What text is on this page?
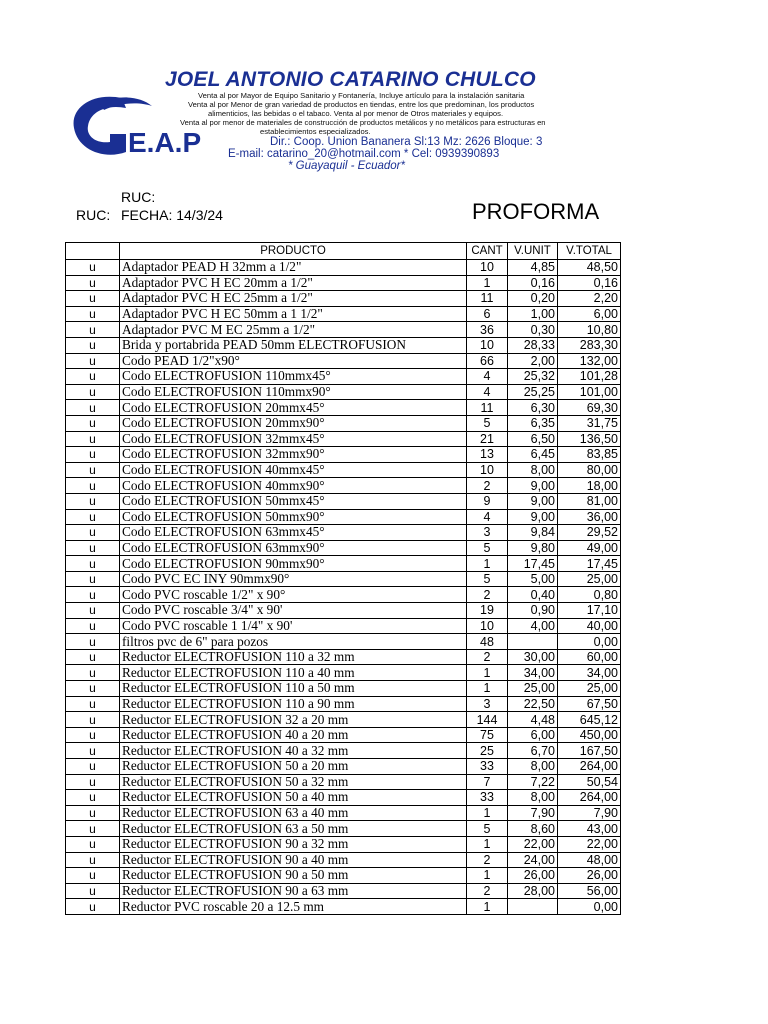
E.A.P
JOEL ANTONIO CATARINO CHULCO
Venta al por Mayor de Equipo Sanitario y Fontanería, Incluye artículo para la instalación sanitaria
Venta al por Menor de gran variedad de productos en tiendas, entre los que predominan, los productos
alimenticios, las bebidas o el tabaco. Venta al por menor de Otros materiales y equipos.
Venta al por menor de materiales de construcción de productos metálicos y no metálicos para estructuras en
establecimientos especializados.
Dir.: Coop. Union Bananera Sl:13 Mz: 2626 Bloque: 3
E-mail: catarino_20@hotmail.com * Cel: 0939390893
* Guayaquil - Ecuador*
RUC:
RUC: FECHA: 14/3/24	PROFORMA
	PRODUCTO	CANT	V.UNIT	V.TOTAL
u	Adaptador PEAD H 32mm a 1/2"	10	4,85	48,50
u	Adaptador PVC H EC 20mm a 1/2"	1	0,16	0,16
u	Adaptador PVC H EC 25mm a 1/2"	11	0,20	2,20
u	Adaptador PVC H EC 50mm a 1 1/2"	6	1,00	6,00
u	Adaptador PVC M EC 25mm a 1/2"	36	0,30	10,80
u	Brida y portabrida PEAD 50mm ELECTROFUSION	10	28,33	283,30
u	Codo PEAD 1/2"x90°	66	2,00	132,00
u	Codo ELECTROFUSION 110mmx45°	4	25,32	101,28
u	Codo ELECTROFUSION 110mmx90°	4	25,25	101,00
u	Codo ELECTROFUSION 20mmx45°	11	6,30	69,30
u	Codo ELECTROFUSION 20mmx90°	5	6,35	31,75
u	Codo ELECTROFUSION 32mmx45°	21	6,50	136,50
u	Codo ELECTROFUSION 32mmx90°	13	6,45	83,85
u	Codo ELECTROFUSION 40mmx45°	10	8,00	80,00
u	Codo ELECTROFUSION 40mmx90°	2	9,00	18,00
u	Codo ELECTROFUSION 50mmx45°	9	9,00	81,00
u	Codo ELECTROFUSION 50mmx90°	4	9,00	36,00
u	Codo ELECTROFUSION 63mmx45°	3	9,84	29,52
u	Codo ELECTROFUSION 63mmx90°	5	9,80	49,00
u	Codo ELECTROFUSION 90mmx90°	1	17,45	17,45
u	Codo PVC EC INY 90mmx90°	5	5,00	25,00
u	Codo PVC roscable 1/2" x 90°	2	0,40	0,80
u	Codo PVC roscable 3/4" x 90'	19	0,90	17,10
u	Codo PVC roscable 1 1/4" x 90'	10	4,00	40,00
u	filtros pvc de 6" para pozos	48		0,00
u	Reductor ELECTROFUSION 110 a 32 mm	2	30,00	60,00
u	Reductor ELECTROFUSION 110 a 40 mm	1	34,00	34,00
u	Reductor ELECTROFUSION 110 a 50 mm	1	25,00	25,00
u	Reductor ELECTROFUSION 110 a 90 mm	3	22,50	67,50
u	Reductor ELECTROFUSION 32 a 20 mm	144	4,48	645,12
u	Reductor ELECTROFUSION 40 a 20 mm	75	6,00	450,00
u	Reductor ELECTROFUSION 40 a 32 mm	25	6,70	167,50
u	Reductor ELECTROFUSION 50 a 20 mm	33	8,00	264,00
u	Reductor ELECTROFUSION 50 a 32 mm	7	7,22	50,54
u	Reductor ELECTROFUSION 50 a 40 mm	33	8,00	264,00
u	Reductor ELECTROFUSION 63 a 40 mm	1	7,90	7,90
u	Reductor ELECTROFUSION 63 a 50 mm	5	8,60	43,00
u	Reductor ELECTROFUSION 90 a 32 mm	1	22,00	22,00
u	Reductor ELECTROFUSION 90 a 40 mm	2	24,00	48,00
u	Reductor ELECTROFUSION 90 a 50 mm	1	26,00	26,00
u	Reductor ELECTROFUSION 90 a 63 mm	2	28,00	56,00
u	Reductor PVC roscable 20 a 12.5 mm	1		0,00
